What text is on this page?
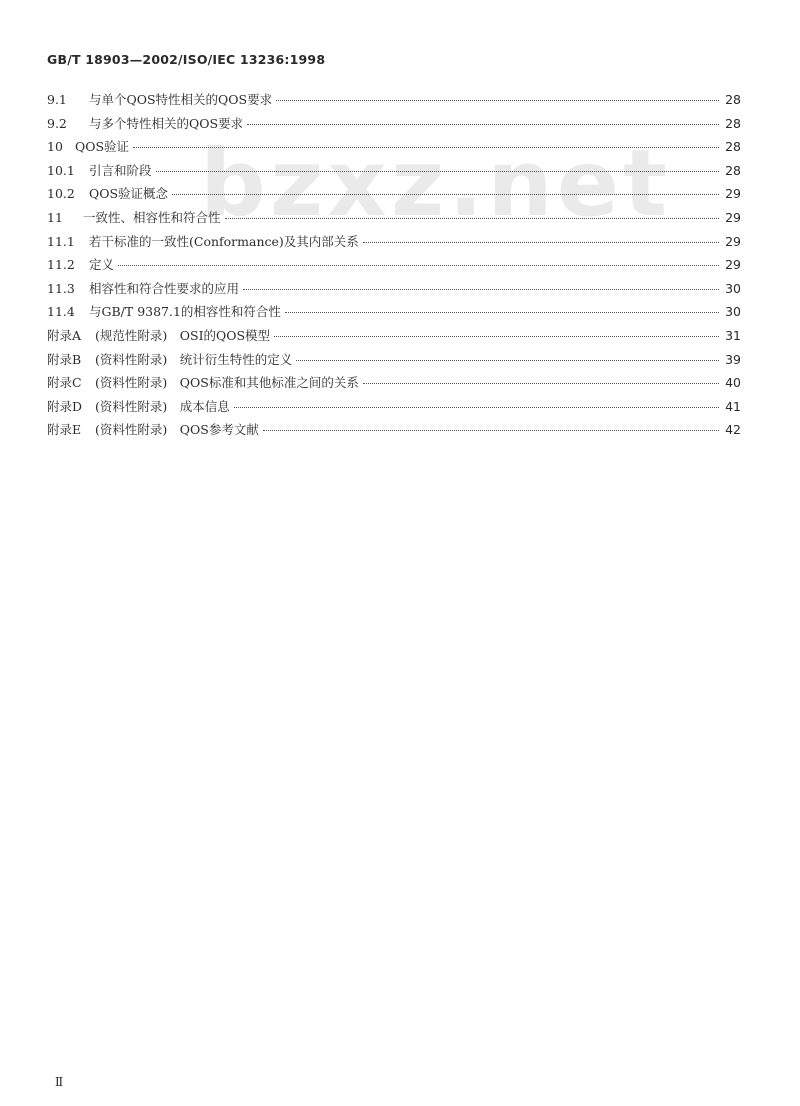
GB/T 18903—2002/ISO/IEC 13236:1998
bzxz.net
9.1	与单个QOS特性相关的QOS要求	28
9.2	与多个特性相关的QOS要求	28
10 QOS验证	28
10.1	引言和阶段	28
10.2	QOS验证概念	29
11	一致性、相容性和符合性	29
11.1	若干标准的一致性(Conformance)及其内部关系	29
11.2	定义	29
11.3	相容性和符合性要求的应用	30
11.4	与GB/T 9387.1的相容性和符合性	30
附录A	(规范性附录)　OSI的QOS模型	31
附录B	(资料性附录)　统计衍生特性的定义	39
附录C	(资料性附录)　QOS标准和其他标准之间的关系	40
附录D	(资料性附录)　成本信息	41
附录E	(资料性附录)　QOS参考文献	42
Ⅱ
